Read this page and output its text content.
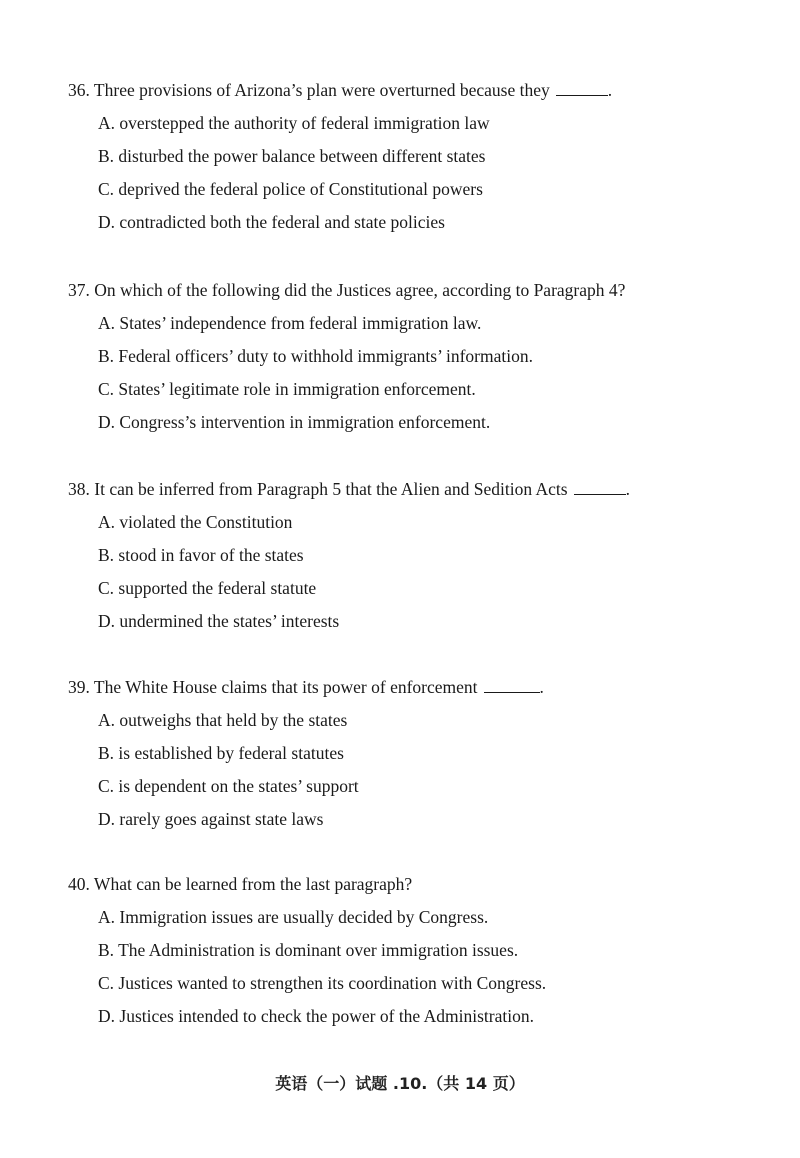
36. Three provisions of Arizona’s plan were overturned because they	.
A. overstepped the authority of federal immigration law
B. disturbed the power balance between different states
C. deprived the federal police of Constitutional powers
D. contradicted both the federal and state policies
37. On which of the following did the Justices agree, according to Paragraph 4?
A. States’ independence from federal immigration law.
B. Federal officers’ duty to withhold immigrants’ information.
C. States’ legitimate role in immigration enforcement.
D. Congress’s intervention in immigration enforcement.
38. It can be inferred from Paragraph 5 that the Alien and Sedition Acts	.
A. violated the Constitution
B. stood in favor of the states
C. supported the federal statute
D. undermined the states’ interests
39. The White House claims that its power of enforcement	.
A. outweighs that held by the states
B. is established by federal statutes
C. is dependent on the states’ support
D. rarely goes against state laws
40. What can be learned from the last paragraph?
A. Immigration issues are usually decided by Congress.
B. The Administration is dominant over immigration issues.
C. Justices wanted to strengthen its coordination with Congress.
D. Justices intended to check the power of the Administration.
英语（一）试题 .10.（共 14 页）
